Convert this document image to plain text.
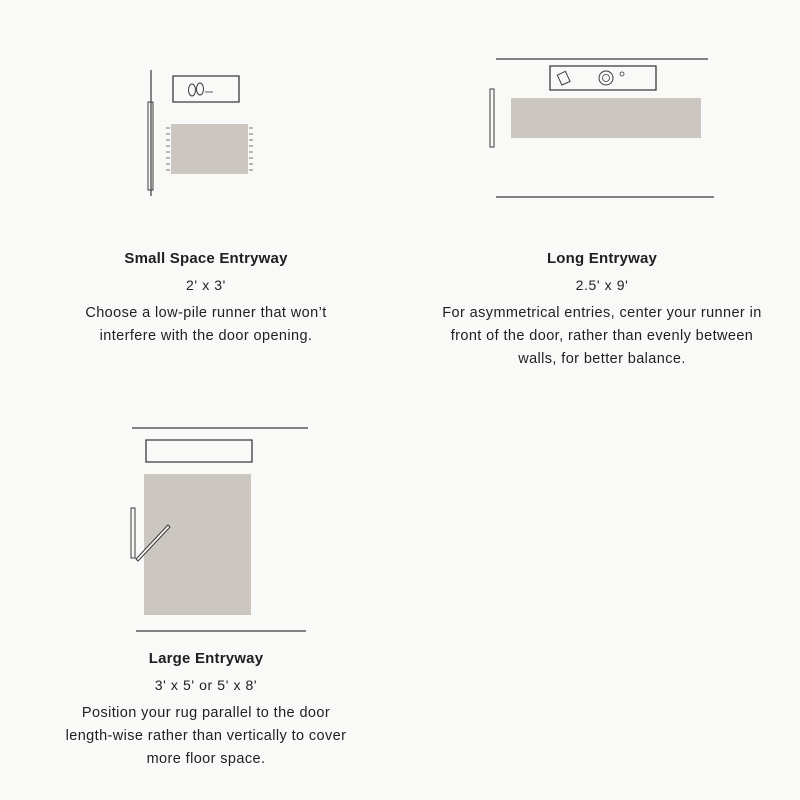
Small Space Entryway
2' x 3'
Choose a low-pile runner that won’t interfere with the door opening.
Long Entryway
2.5' x 9'
For asymmetrical entries, center your runner in front of the door, rather than evenly between walls, for better balance.
Large Entryway
3' x 5' or 5' x 8'
Position your rug parallel to the door length-wise rather than vertically to cover more floor space.
